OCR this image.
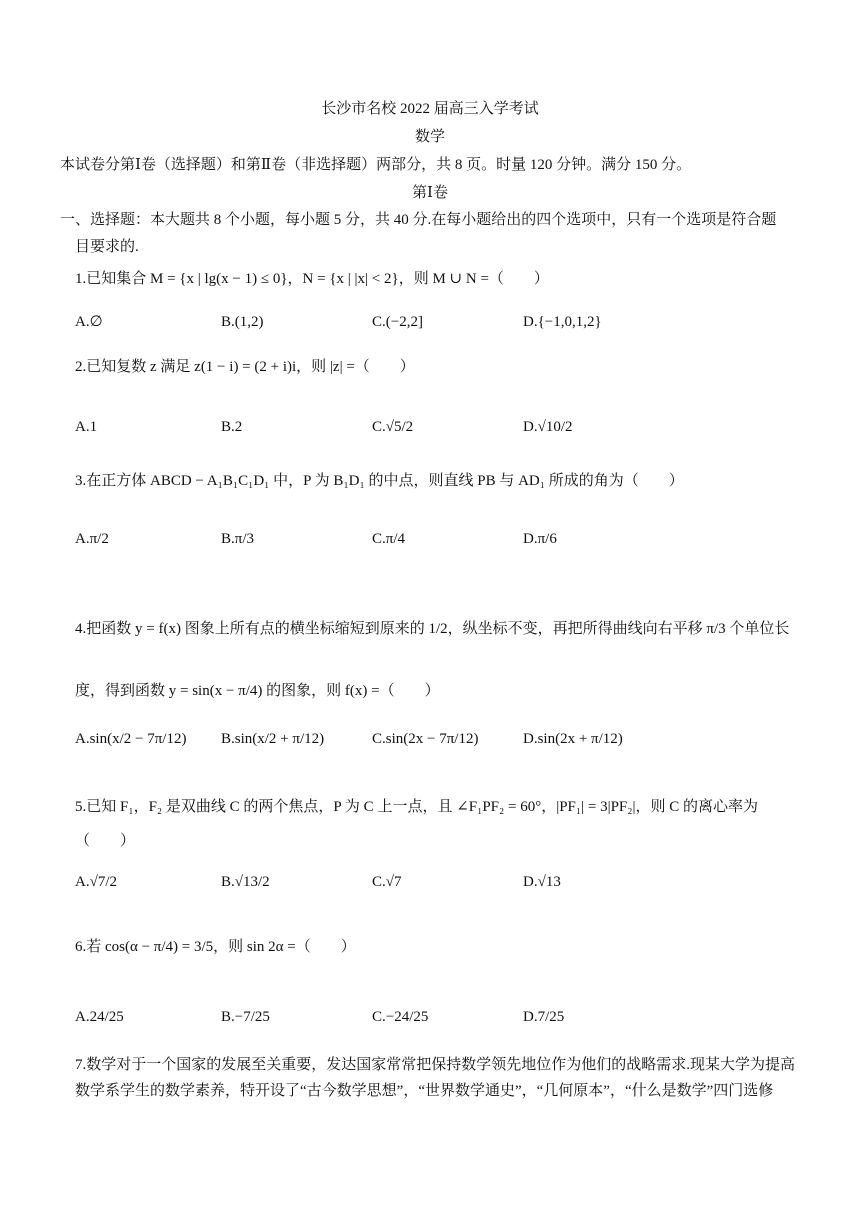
长沙市名校 2022 届高三入学考试
数学
本试卷分第Ⅰ卷（选择题）和第Ⅱ卷（非选择题）两部分，共 8 页。时量 120 分钟。满分 150 分。
第Ⅰ卷
一、选择题：本大题共 8 个小题，每小题 5 分，共 40 分.在每小题给出的四个选项中，只有一个选项是符合题
目要求的.
1.已知集合 M = {x | lg(x − 1) ≤ 0}，N = {x | |x| < 2}，则 M ∪ N =（　　）
A.∅	B.(1,2)	C.(−2,2]	D.{−1,0,1,2}
2.已知复数 z 满足 z(1 − i) = (2 + i)i，则 |z| =（　　）
A.1	B.2	C.√5/2	D.√10/2
3.在正方体 ABCD − A₁B₁C₁D₁ 中，P 为 B₁D₁ 的中点，则直线 PB 与 AD₁ 所成的角为（　　）
A.π/2	B.π/3	C.π/4	D.π/6
4.把函数 y = f(x) 图象上所有点的横坐标缩短到原来的 1/2，纵坐标不变，再把所得曲线向右平移 π/3 个单位长度，得到函数 y = sin(x − π/4) 的图象，则 f(x) =（　　）
A.sin(x/2 − 7π/12) B.sin(x/2 + π/12)	C.sin(2x − 7π/12)	D.sin(2x + π/12)
5.已知 F₁，F₂ 是双曲线 C 的两个焦点，P 为 C 上一点，且 ∠F₁PF₂ = 60°，|PF₁| = 3|PF₂|，则 C 的离心率为（　　）
A.√7/2	B.√13/2	C.√7	D.√13
6.若 cos(α − π/4) = 3/5，则 sin 2α =（　　）
A.24/25	B.−7/25	C.−24/25	D.7/25
7.数学对于一个国家的发展至关重要，发达国家常常把保持数学领先地位作为他们的战略需求.现某大学为提高
数学系学生的数学素养，特开设了“古今数学思想”，“世界数学通史”，“几何原本”，“什么是数学”四门选修
